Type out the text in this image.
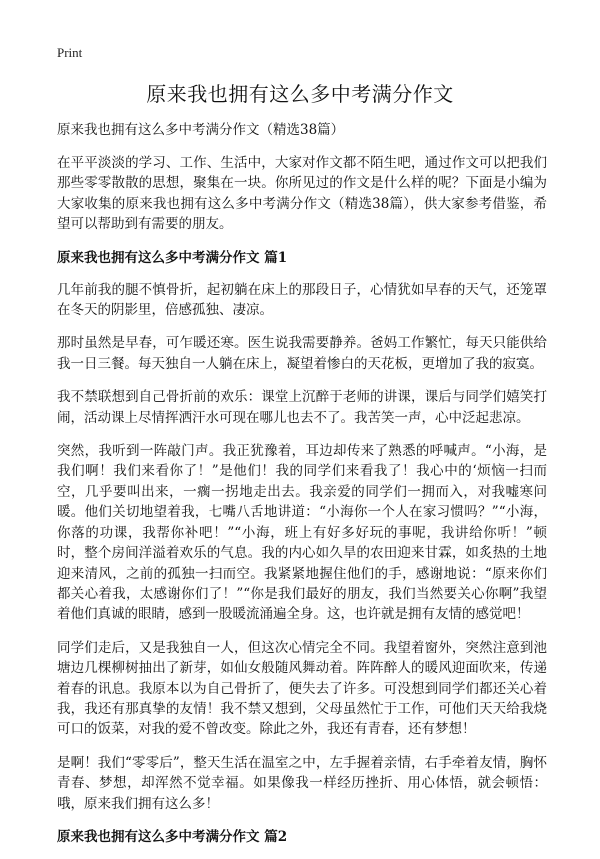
Print
原来我也拥有这么多中考满分作文

原来我也拥有这么多中考满分作文（精选38篇）

在平平淡淡的学习、工作、生活中，大家对作文都不陌生吧，通过作文可以把我们那些零零散散的思想，聚集在一块。你所见过的作文是什么样的呢？下面是小编为大家收集的原来我也拥有这么多中考满分作文（精选38篇），供大家参考借鉴，希望可以帮助到有需要的朋友。

原来我也拥有这么多中考满分作文 篇1

几年前我的腿不慎骨折，起初躺在床上的那段日子，心情犹如早春的天气，还笼罩在冬天的阴影里，倍感孤独、凄凉。

那时虽然是早春，可乍暖还寒。医生说我需要静养。爸妈工作繁忙，每天只能供给我一日三餐。每天独自一人躺在床上，凝望着惨白的天花板，更增加了我的寂寞。

我不禁联想到自己骨折前的欢乐：课堂上沉醉于老师的讲课，课后与同学们嬉笑打闹，活动课上尽情挥洒汗水可现在哪儿也去不了。我苦笑一声，心中泛起悲凉。

突然，我听到一阵敲门声。我正犹豫着，耳边却传来了熟悉的呼喊声。“小海，是我们啊！我们来看你了！”是他们！我的同学们来看我了！我心中的‘烦恼一扫而空，几乎要叫出来，一瘸一拐地走出去。我亲爱的同学们一拥而入，对我嘘寒问暖。他们关切地望着我，七嘴八舌地讲道：“小海你一个人在家习惯吗？”“小海，你落的功课，我帮你补吧！”“小海，班上有好多好玩的事呢，我讲给你听！”顿时，整个房间洋溢着欢乐的气息。我的内心如久旱的农田迎来甘霖，如炙热的土地迎来清风，之前的孤独一扫而空。我紧紧地握住他们的手，感谢地说：“原来你们都关心着我，太感谢你们了！”“你是我们最好的朋友，我们当然要关心你啊”我望着他们真诚的眼睛，感到一股暖流涌遍全身。这，也许就是拥有友情的感觉吧！

同学们走后，又是我独自一人，但这次心情完全不同。我望着窗外，突然注意到池塘边几棵柳树抽出了新芽，如仙女般随风舞动着。阵阵醉人的暖风迎面吹来，传递着春的讯息。我原本以为自己骨折了，便失去了许多。可没想到同学们都还关心着我，我还有那真挚的友情！我不禁又想到，父母虽然忙于工作，可他们天天给我烧可口的饭菜，对我的爱不曾改变。除此之外，我还有青春，还有梦想！

是啊！我们“零零后”，整天生活在温室之中，左手握着亲情，右手牵着友情，胸怀青春、梦想，却浑然不觉幸福。如果像我一样经历挫折、用心体悟，就会顿悟：哦，原来我们拥有这么多！

原来我也拥有这么多中考满分作文 篇2
